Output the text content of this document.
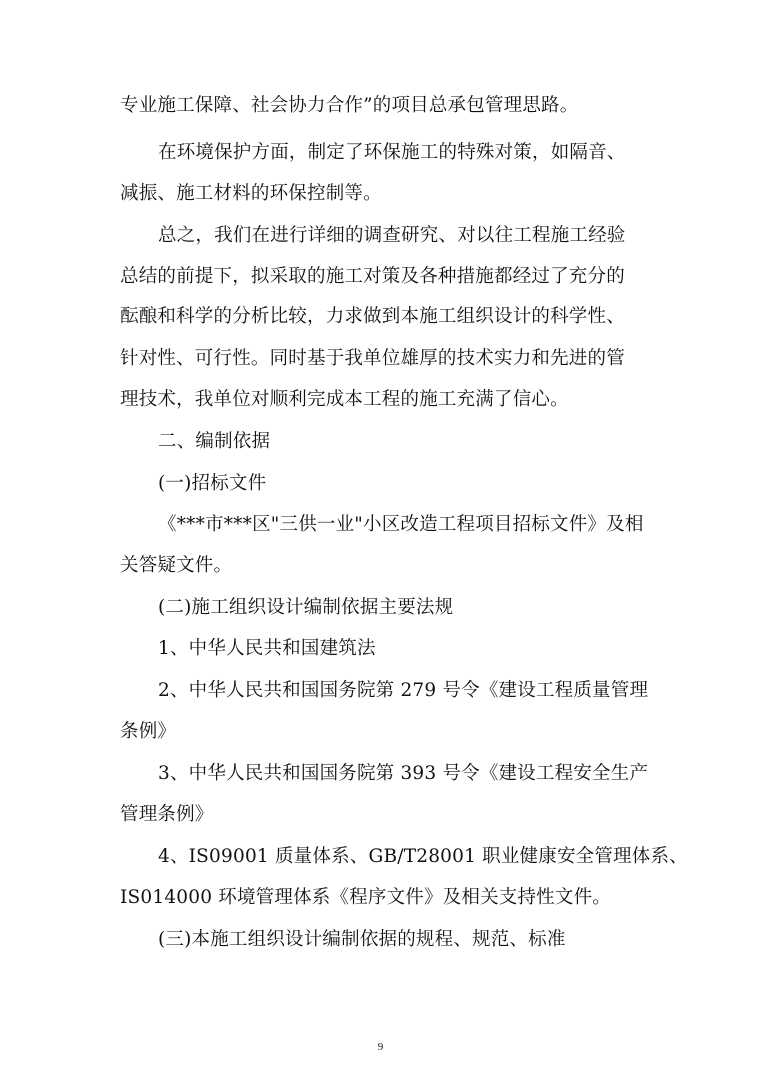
专业施工保障、社会协力合作”的项目总承包管理思路。
在环境保护方面，制定了环保施工的特殊对策，如隔音、
减振、施工材料的环保控制等。
总之，我们在进行详细的调查研究、对以往工程施工经验
总结的前提下，拟采取的施工对策及各种措施都经过了充分的
酝酿和科学的分析比较，力求做到本施工组织设计的科学性、
针对性、可行性。同时基于我单位雄厚的技术实力和先进的管
理技术，我单位对顺利完成本工程的施工充满了信心。
二、编制依据
(一)招标文件
《***市***区"三供一业"小区改造工程项目招标文件》及相
关答疑文件。
(二)施工组织设计编制依据主要法规
1、中华人民共和国建筑法
2、中华人民共和国国务院第 279 号令《建设工程质量管理
条例》
3、中华人民共和国国务院第 393 号令《建设工程安全生产
管理条例》
4、IS09001 质量体系、GB/T28001 职业健康安全管理体系、
IS014000 环境管理体系《程序文件》及相关支持性文件。
(三)本施工组织设计编制依据的规程、规范、标准
9
